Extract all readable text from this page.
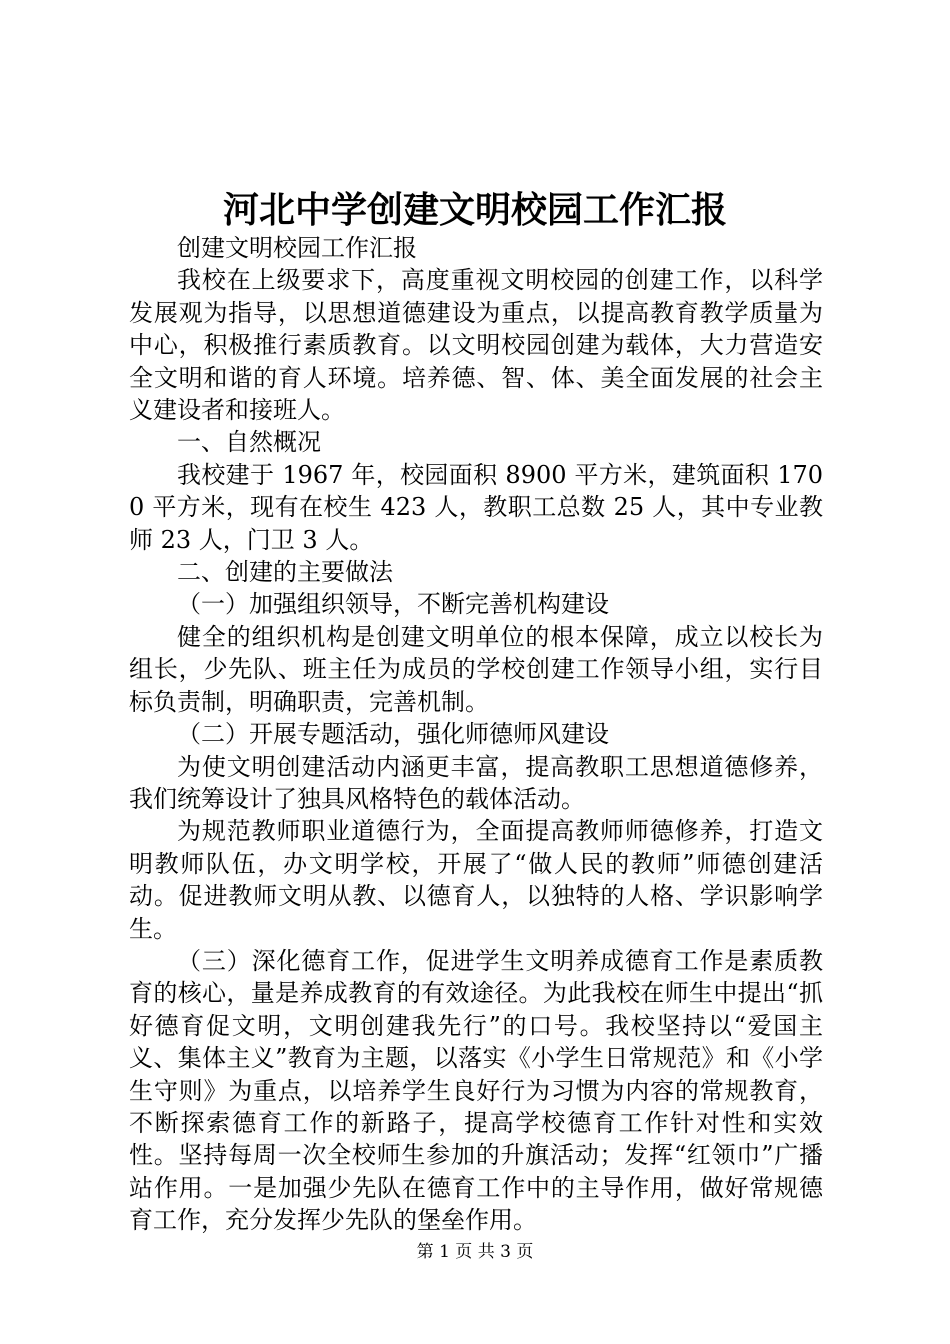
河北中学创建文明校园工作汇报

创建文明校园工作汇报

我校在上级要求下，高度重视文明校园的创建工作，以科学发展观为指导，以思想道德建设为重点，以提高教育教学质量为中心，积极推行素质教育。以文明校园创建为载体，大力营造安全文明和谐的育人环境。培养德、智、体、美全面发展的社会主义建设者和接班人。

一、自然概况

我校建于 1967 年，校园面积 8900 平方米，建筑面积 1700 平方米，现有在校生 423 人，教职工总数 25 人，其中专业教师 23 人，门卫 3 人。

二、创建的主要做法

（一）加强组织领导，不断完善机构建设

健全的组织机构是创建文明单位的根本保障，成立以校长为组长，少先队、班主任为成员的学校创建工作领导小组，实行目标负责制，明确职责，完善机制。

（二）开展专题活动，强化师德师风建设

为使文明创建活动内涵更丰富，提高教职工思想道德修养，我们统筹设计了独具风格特色的载体活动。

为规范教师职业道德行为，全面提高教师师德修养，打造文明教师队伍，办文明学校，开展了“做人民的教师”师德创建活动。促进教师文明从教、以德育人，以独特的人格、学识影响学生。

（三）深化德育工作，促进学生文明养成德育工作是素质教育的核心，量是养成教育的有效途径。为此我校在师生中提出“抓好德育促文明，文明创建我先行”的口号。我校坚持以“爱国主义、集体主义”教育为主题，以落实《小学生日常规范》和《小学生守则》为重点，以培养学生良好行为习惯为内容的常规教育，不断探索德育工作的新路子，提高学校德育工作针对性和实效性。坚持每周一次全校师生参加的升旗活动；发挥“红领巾”广播站作用。一是加强少先队在德育工作中的主导作用，做好常规德育工作，充分发挥少先队的堡垒作用。

第 1 页 共 3 页
